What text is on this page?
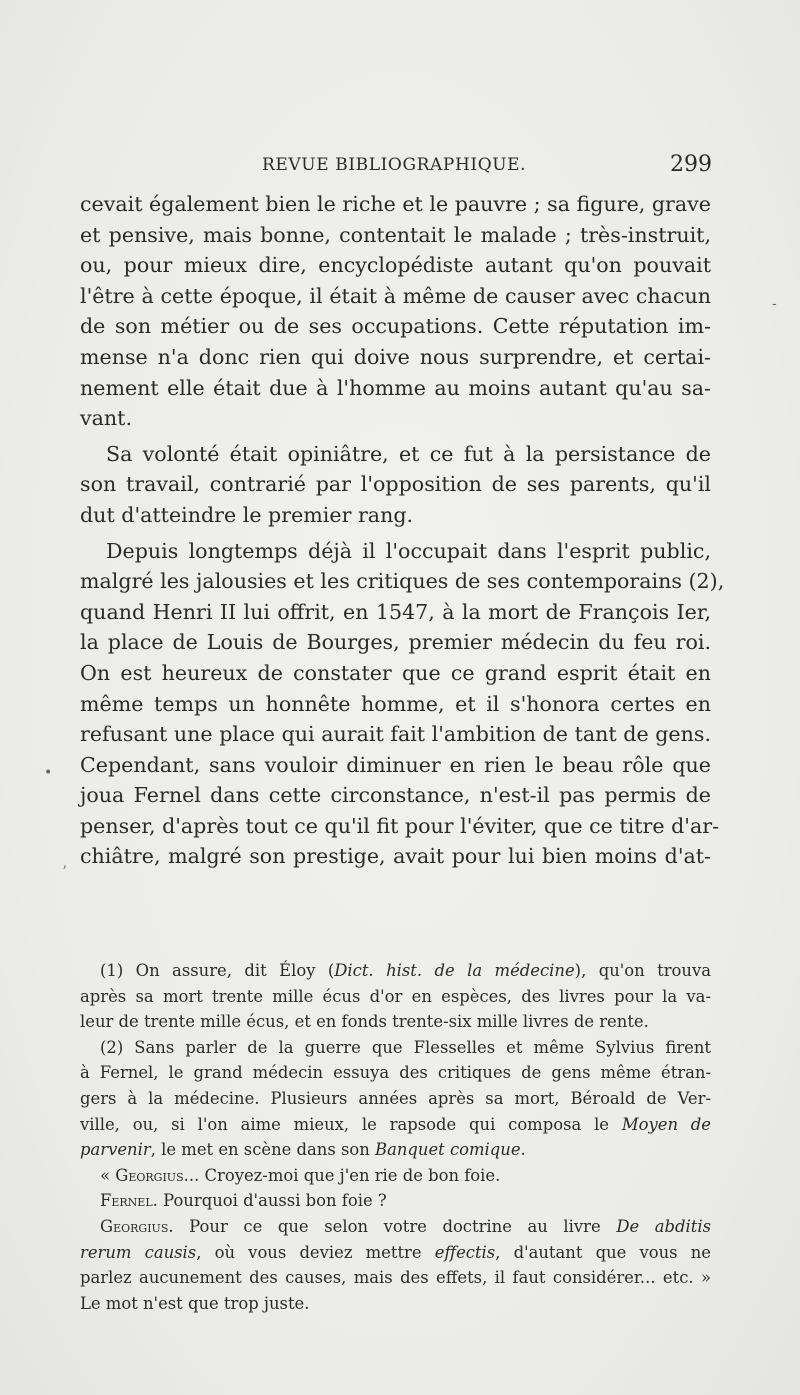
REVUE BIBLIOGRAPHIQUE.	299
cevait également bien le riche et le pauvre ; sa figure, grave
et pensive, mais bonne, contentait le malade ; très-instruit,
ou, pour mieux dire, encyclopédiste autant qu'on pouvait
l'être à cette époque, il était à même de causer avec chacun
de son métier ou de ses occupations. Cette réputation im-
mense n'a donc rien qui doive nous surprendre, et certai-
nement elle était due à l'homme au moins autant qu'au sa-
vant.
Sa volonté était opiniâtre, et ce fut à la persistance de
son travail, contrarié par l'opposition de ses parents, qu'il
dut d'atteindre le premier rang.
Depuis longtemps déjà il l'occupait dans l'esprit public,
malgré les jalousies et les critiques de ses contemporains (2),
quand Henri II lui offrit, en 1547, à la mort de François Ier,
la place de Louis de Bourges, premier médecin du feu roi.
On est heureux de constater que ce grand esprit était en
même temps un honnête homme, et il s'honora certes en
refusant une place qui aurait fait l'ambition de tant de gens.
Cependant, sans vouloir diminuer en rien le beau rôle que
joua Fernel dans cette circonstance, n'est-il pas permis de
penser, d'après tout ce qu'il fit pour l'éviter, que ce titre d'ar-
chiâtre, malgré son prestige, avait pour lui bien moins d'at-
(1) On assure, dit Éloy (Dict. hist. de la médecine), qu'on trouva
après sa mort trente mille écus d'or en espèces, des livres pour la va-
leur de trente mille écus, et en fonds trente-six mille livres de rente.
(2) Sans parler de la guerre que Flesselles et même Sylvius firent
à Fernel, le grand médecin essuya des critiques de gens même étran-
gers à la médecine. Plusieurs années après sa mort, Béroald de Ver-
ville, ou, si l'on aime mieux, le rapsode qui composa le Moyen de
parvenir, le met en scène dans son Banquet comique.
« Georgius... Croyez-moi que j'en rie de bon foie.
Fernel. Pourquoi d'aussi bon foie ?
Georgius. Pour ce que selon votre doctrine au livre De abditis
rerum causis, où vous deviez mettre effectis, d'autant que vous ne
parlez aucunement des causes, mais des effets, il faut considérer... etc. »
Le mot n'est que trop juste.
-
•
ʼ
